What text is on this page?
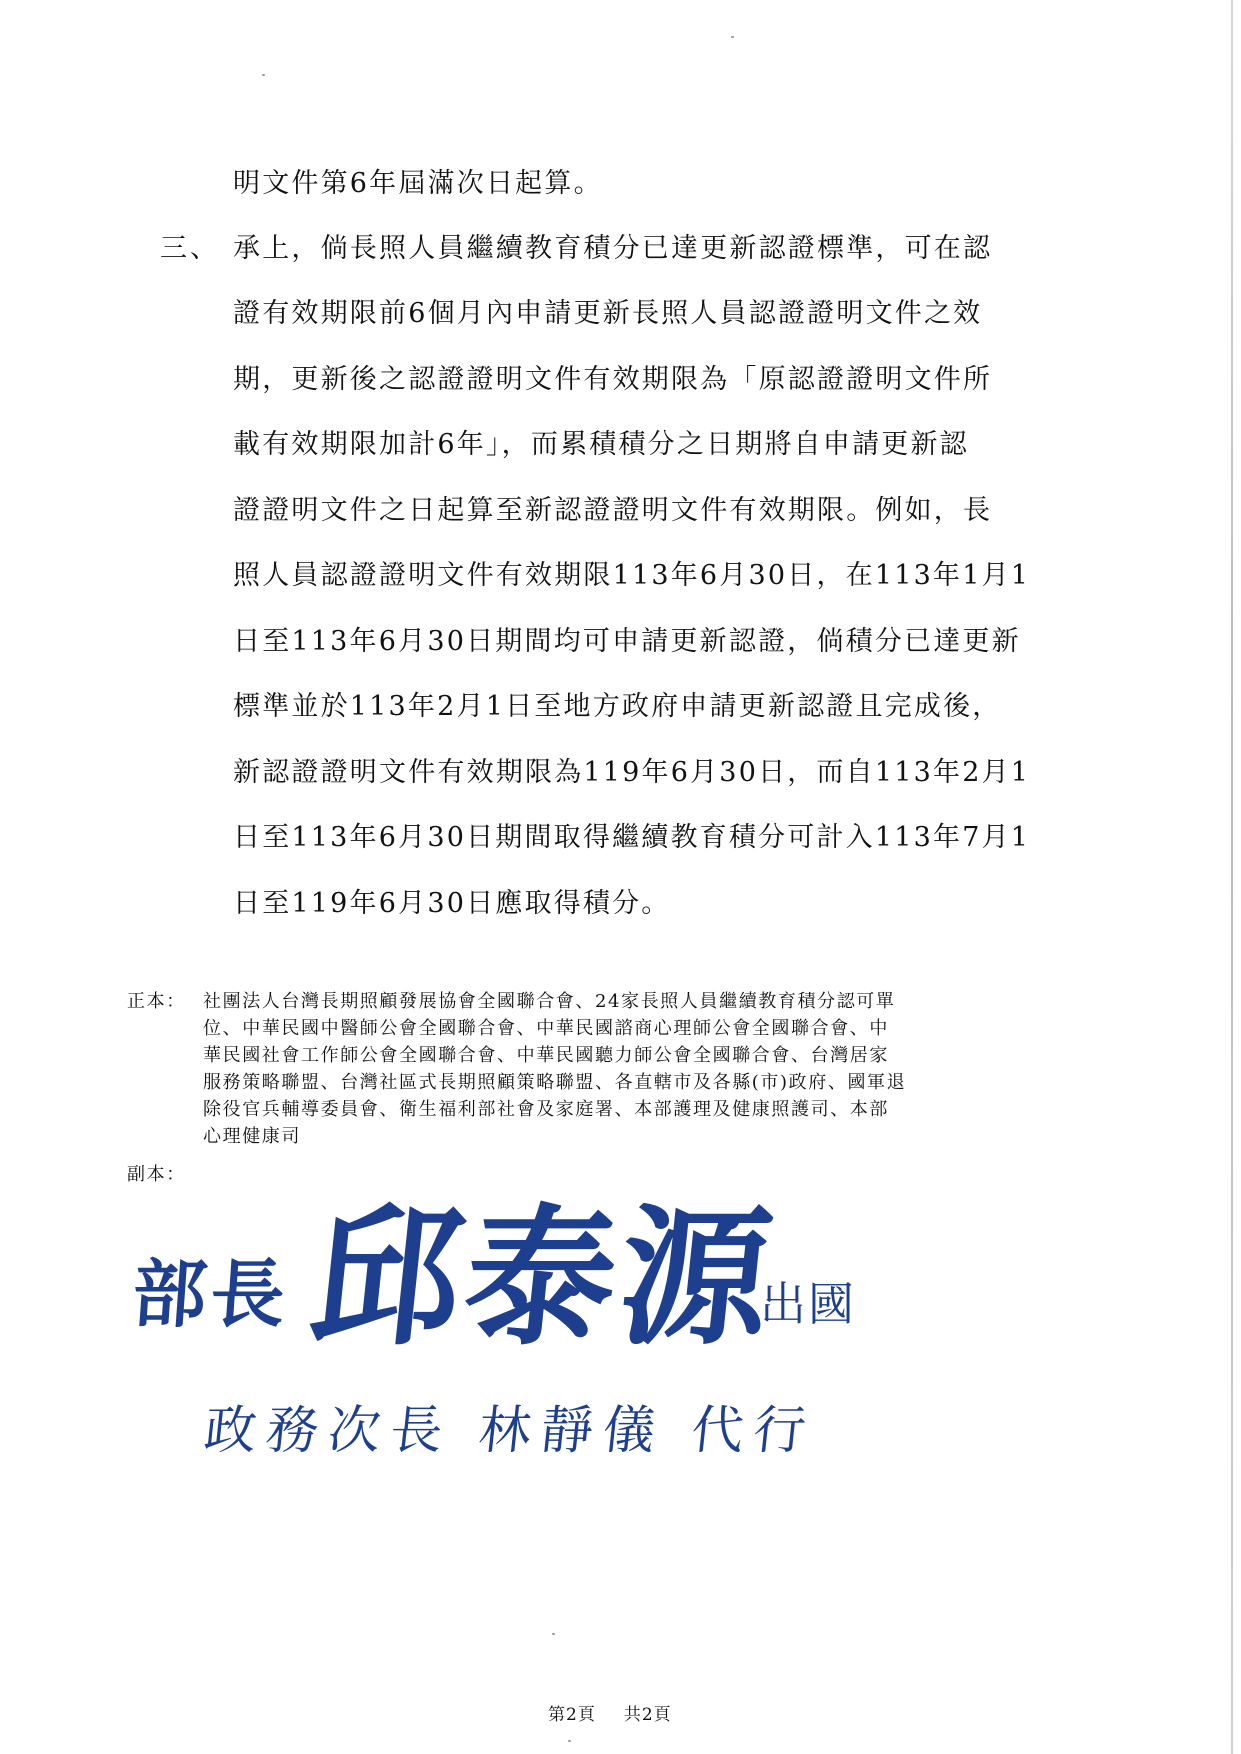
明文件第6年屆滿次日起算。
三、 承上，倘長照人員繼續教育積分已達更新認證標準，可在認
證有效期限前6個月內申請更新長照人員認證證明文件之效
期，更新後之認證證明文件有效期限為「原認證證明文件所
載有效期限加計6年」，而累積積分之日期將自申請更新認
證證明文件之日起算至新認證證明文件有效期限。例如，長
照人員認證證明文件有效期限113年6月30日，在113年1月1
日至113年6月30日期間均可申請更新認證，倘積分已達更新
標準並於113年2月1日至地方政府申請更新認證且完成後，
新認證證明文件有效期限為119年6月30日，而自113年2月1
日至113年6月30日期間取得繼續教育積分可計入113年7月1
日至119年6月30日應取得積分。
正本： 社團法人台灣長期照顧發展協會全國聯合會、24家長照人員繼續教育積分認可單
位、中華民國中醫師公會全國聯合會、中華民國諮商心理師公會全國聯合會、中
華民國社會工作師公會全國聯合會、中華民國聽力師公會全國聯合會、台灣居家
服務策略聯盟、台灣社區式長期照顧策略聯盟、各直轄市及各縣(市)政府、國軍退
除役官兵輔導委員會、衛生福利部社會及家庭署、本部護理及健康照護司、本部
心理健康司
副本：
部長 邱泰源
出國
政務次長 林靜儀 代行
第2頁 共2頁
